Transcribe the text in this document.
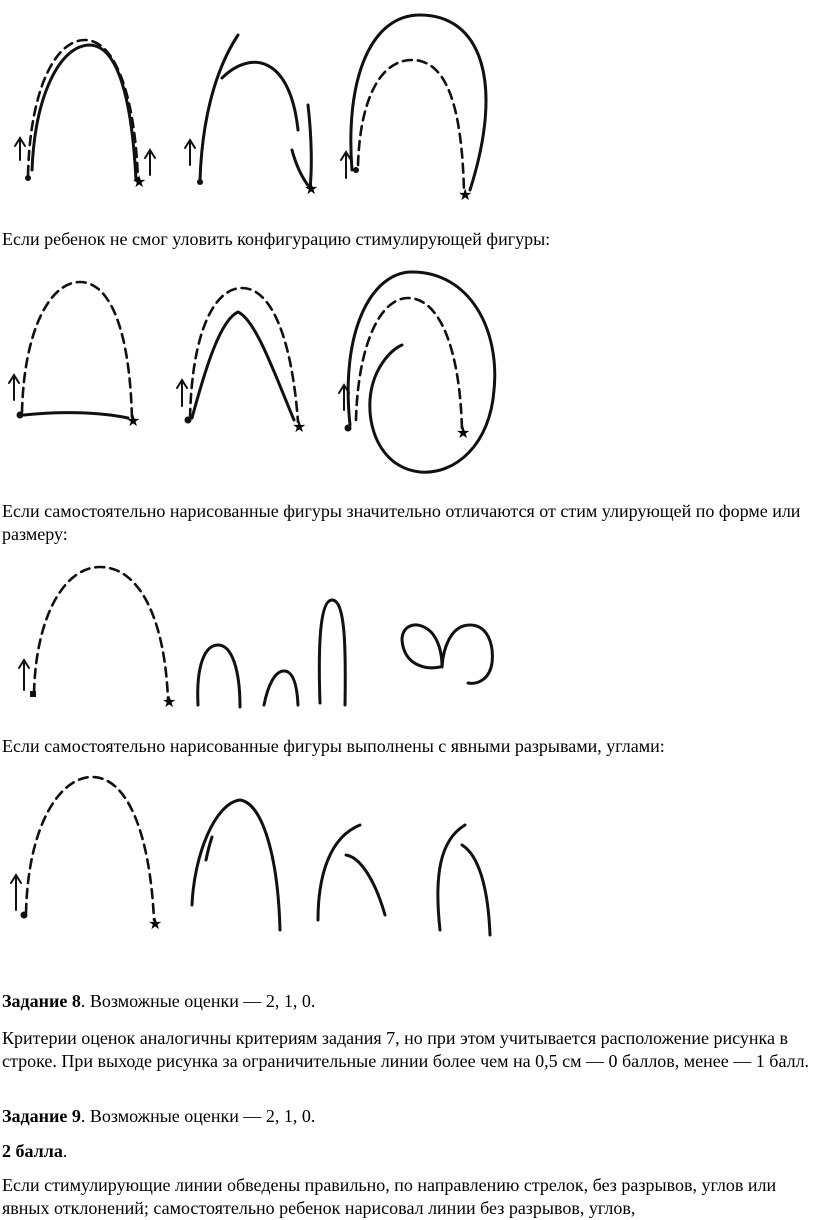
★	★	★

Если ребенок не смог уловить конфигурацию стимулирующей фигуры:

★	★	★

Если самостоятельно нарисованные фигуры значительно отличаются от стим улирующей по форме или размеру:

★

Если самостоятельно нарисованные фигуры выполнены с явными разрывами, углами:

★

Задание 8. Возможные оценки — 2, 1, 0.

Критерии оценок аналогичны критериям задания 7, но при этом учитывается расположение рисунка в строке. При выходе рисунка за ограничительные линии более чем на 0,5 см — 0 баллов, менее — 1 балл.

Задание 9. Возможные оценки — 2, 1, 0.

2 балла.

Если стимулирующие линии обведены правильно, по направлению стрелок, без разрывов, углов или явных отклонений; самостоятельно ребенок нарисовал линии без разрывов, углов,
